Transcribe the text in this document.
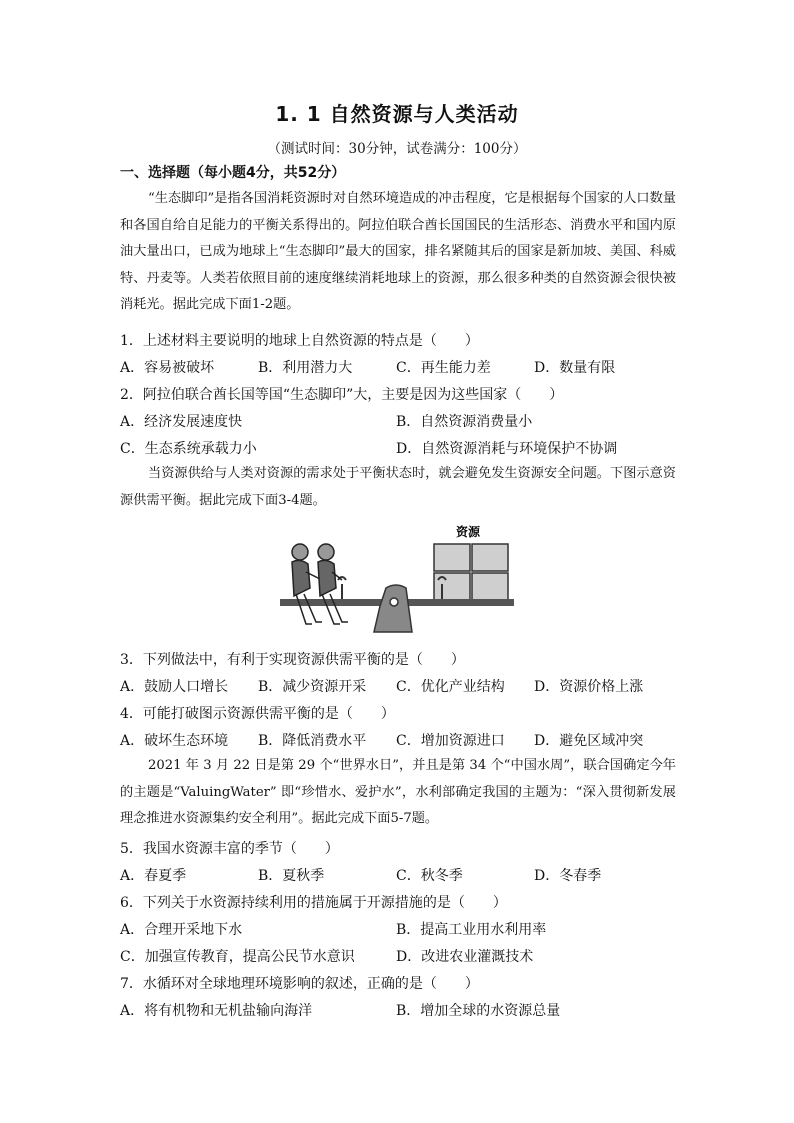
1. 1 自然资源与人类活动
（测试时间：30分钟，试卷满分：100分）
一、选择题（每小题4分，共52分）
“生态脚印”是指各国消耗资源时对自然环境造成的冲击程度，它是根据每个国家的人口数量和各国自给自足能力的平衡关系得出的。阿拉伯联合酋长国国民的生活形态、消费水平和国内原油大量出口，已成为地球上“生态脚印”最大的国家，排名紧随其后的国家是新加坡、美国、科威特、丹麦等。人类若依照目前的速度继续消耗地球上的资源，那么很多种类的自然资源会很快被消耗光。据此完成下面1-2题。
1．上述材料主要说明的地球上自然资源的特点是（　　）
A．容易被破坏	B．利用潜力大	C．再生能力差	D．数量有限
2．阿拉伯联合酋长国等国“生态脚印”大，主要是因为这些国家（　　）
A．经济发展速度快	B．自然资源消费量小
C．生态系统承载力小	D．自然资源消耗与环境保护不协调
当资源供给与人类对资源的需求处于平衡状态时，就会避免发生资源安全问题。下图示意资源供需平衡。据此完成下面3-4题。
资源
3．下列做法中，有利于实现资源供需平衡的是（　　）
A．鼓励人口增长 B．减少资源开采 C．优化产业结构 D．资源价格上涨
4．可能打破图示资源供需平衡的是（　　）
A．破坏生态环境 B．降低消费水平 C．增加资源进口 D．避免区域冲突
2021 年 3 月 22 日是第 29 个“世界水日”，并且是第 34 个“中国水周”，联合国确定今年的主题是“ValuingWater” 即“珍惜水、爱护水”，水利部确定我国的主题为：“深入贯彻新发展理念推进水资源集约安全利用”。据此完成下面5-7题。
5．我国水资源丰富的季节（　　）
A．春夏季	B．夏秋季	C．秋冬季	D．冬春季
6．下列关于水资源持续利用的措施属于开源措施的是（　　）
A．合理开采地下水	B．提高工业用水利用率
C．加强宣传教育，提高公民节水意识	D．改进农业灌溉技术
7．水循环对全球地理环境影响的叙述，正确的是（　　）
A．将有机物和无机盐输向海洋	B．增加全球的水资源总量
